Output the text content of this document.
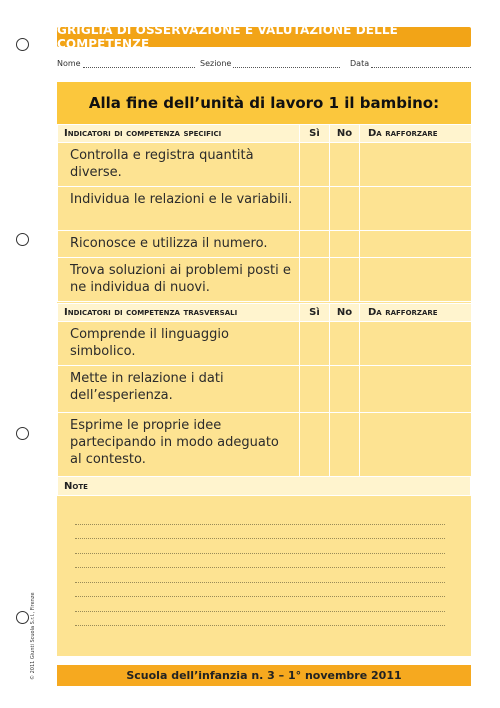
GRIGLIA DI OSSERVAZIONE E VALUTAZIONE DELLE COMPETENZE
Nome	Sezione	Data
Alla fine dell’unità di lavoro 1 il bambino:
Indicatori di competenza specifici	Sì	No	Da rafforzare
Controlla e registra quantità diverse.			
Individua le relazioni e le variabili.			
Riconosce e utilizza il numero.			
Trova soluzioni ai problemi posti e ne individua di nuovi.			
Indicatori di competenza trasversali	Sì	No	Da rafforzare
Comprende il linguaggio simbolico.			
Mette in relazione i dati dell’esperienza.			
Esprime le proprie idee partecipando in modo adeguato al contesto.			
Note
Scuola dell’infanzia n. 3 – 1° novembre 2011
© 2011 Giunti Scuola S.r.l., Firenze
